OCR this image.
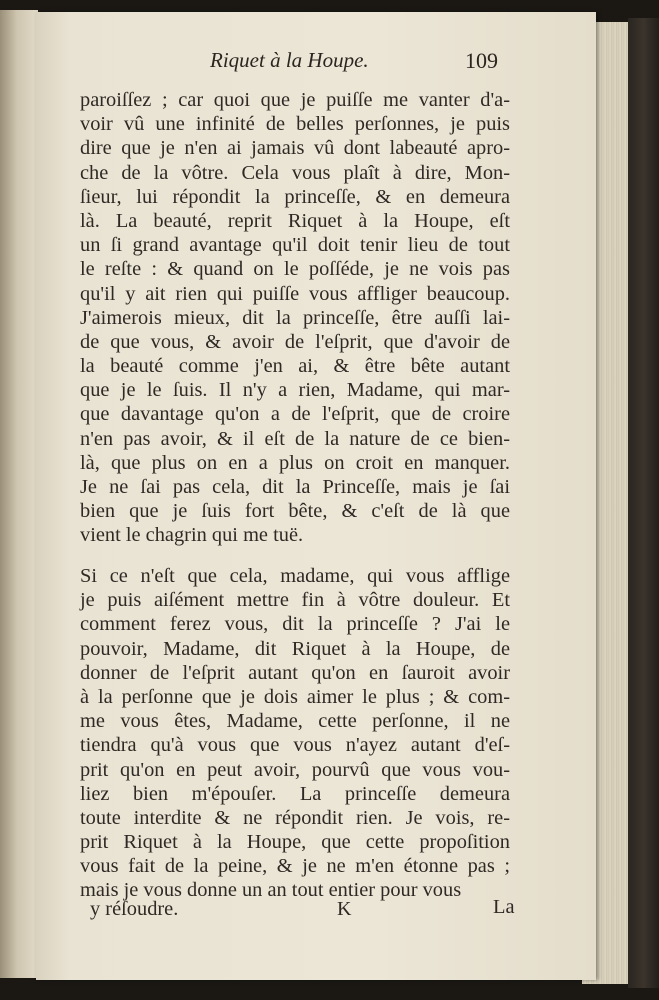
Riquet à la Houpe.	109
paroiſſez ; car quoi que je puiſſe me vanter d'a-
voir vû une infinité de belles perſonnes, je puis
dire que je n'en ai jamais vû dont labeauté apro-
che de la vôtre. Cela vous plaît à dire, Mon-
ſieur, lui répondit la princeſſe, & en demeura
là. La beauté, reprit Riquet à la Houpe, eſt
un ſi grand avantage qu'il doit tenir lieu de tout
le reſte : & quand on le poſſéde, je ne vois pas
qu'il y ait rien qui puiſſe vous affliger beaucoup.
J'aimerois mieux, dit la princeſſe, être auſſi lai-
de que vous, & avoir de l'eſprit, que d'avoir de
la beauté comme j'en ai, & être bête autant
que je le ſuis. Il n'y a rien, Madame, qui mar-
que davantage qu'on a de l'eſprit, que de croire
n'en pas avoir, & il eſt de la nature de ce bien-
là, que plus on en a plus on croit en manquer.
Je ne ſai pas cela, dit la Princeſſe, mais je ſai
bien que je ſuis fort bête, & c'eſt de là que
vient le chagrin qui me tuë.
Si ce n'eſt que cela, madame, qui vous afflige
je puis aiſément mettre fin à vôtre douleur. Et
comment ferez vous, dit la princeſſe ? J'ai le
pouvoir, Madame, dit Riquet à la Houpe, de
donner de l'eſprit autant qu'on en ſauroit avoir
à la perſonne que je dois aimer le plus ; & com-
me vous êtes, Madame, cette perſonne, il ne
tiendra qu'à vous que vous n'ayez autant d'eſ-
prit qu'on en peut avoir, pourvû que vous vou-
liez bien m'épouſer. La princeſſe demeura
toute interdite & ne répondit rien. Je vois, re-
prit Riquet à la Houpe, que cette propoſition
vous fait de la peine, & je ne m'en étonne pas ;
mais je vous donne un an tout entier pour vous
y réſoudre.	K	La
